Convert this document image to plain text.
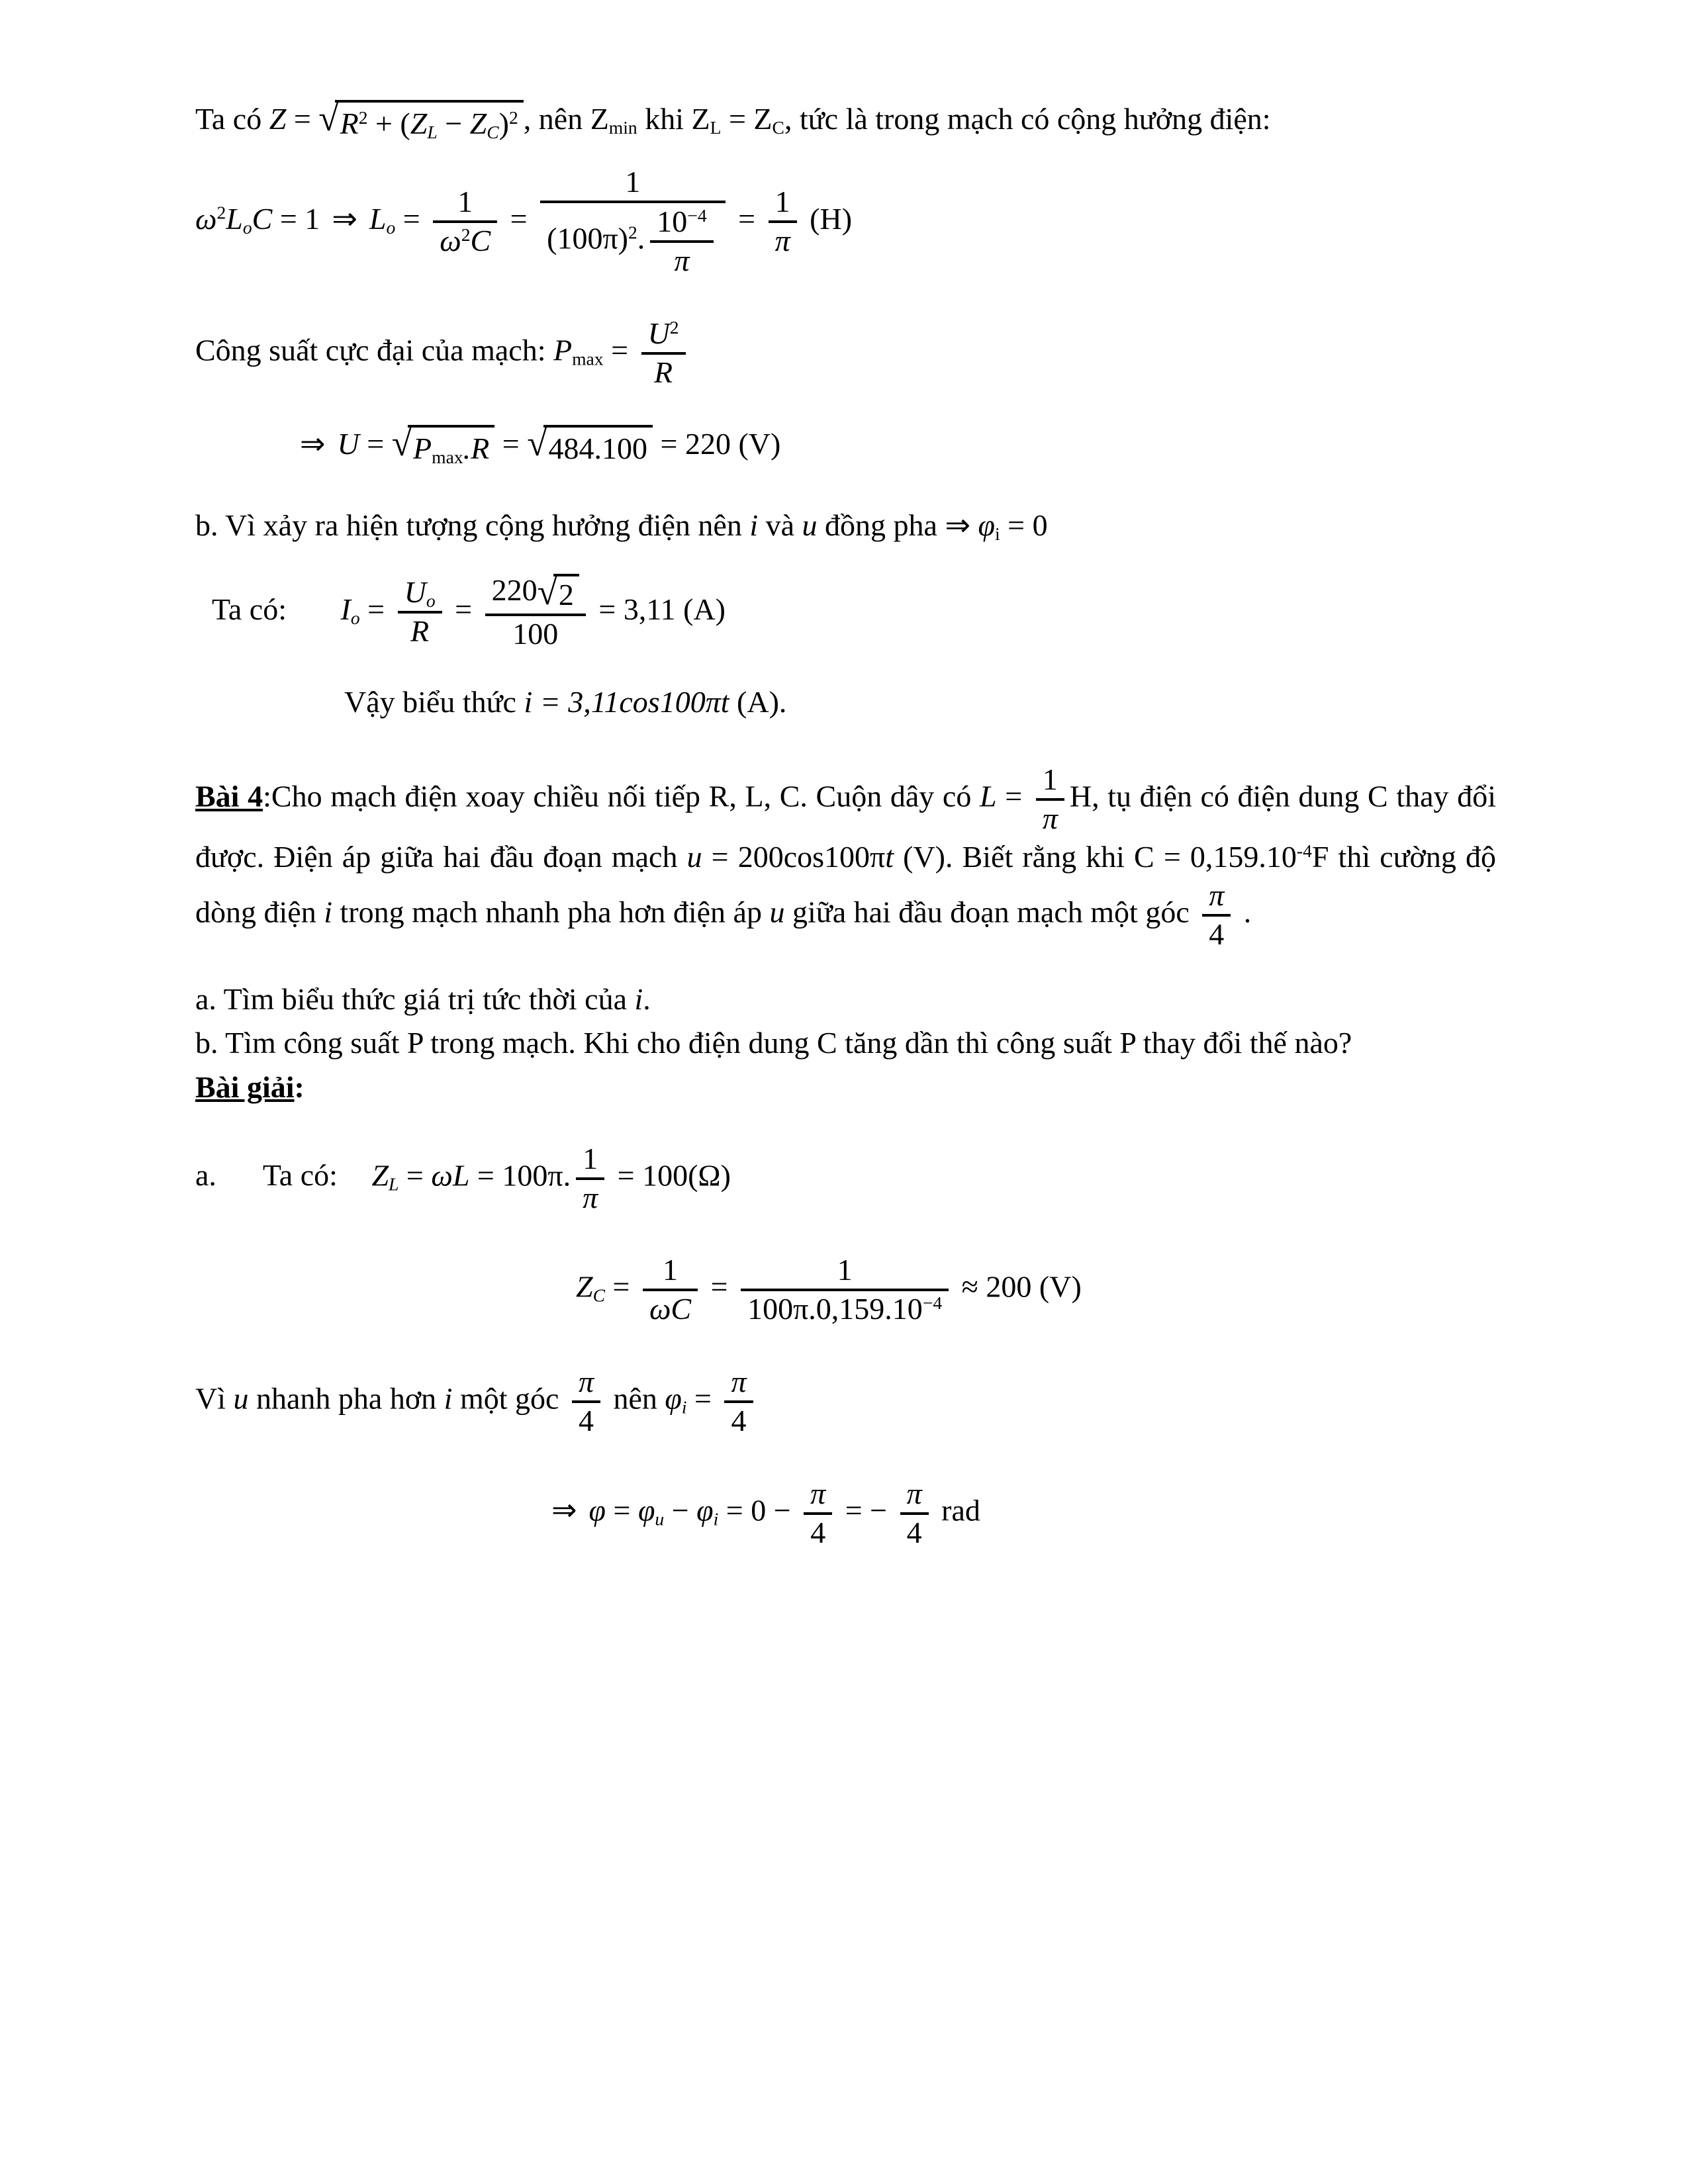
Ta có Z = √ $R^2 + (Z_L - Z_C)^2$ , nên $Z_{min}$ khi $Z_L = Z_C$, tức là trong mạch có cộng hưởng điện:
$\omega^2L_oC = 1$ ⇒ $L_o = \frac{1}{\omega^2C} = \frac{1}{(100\pi)^2. \frac{10^{-4}}{\pi}} = \frac{1}{\pi} (H)$
Công suất cực đại của mạch: $P_{max} = \frac{U^2}{R}$
⇒ U = √ $P_{max}.R$ = √ 484.100 = 220 (V)
b. Vì xảy ra hiện tượng cộng hưởng điện nên i và u đồng pha ⇒ $\varphi_i = 0$
Ta có: $I_o = \frac{U_o}{R} = \frac{220 √ 2}{100} = 3,11$ (A)
Vậy biểu thức i = 3,11cos100πt (A).
Bài 4:Cho mạch điện xoay chiều nối tiếp R, L, C. Cuộn dây có $L = \frac{1}{\pi} H$, tụ điện có điện dung C thay đổi được. Điện áp giữa hai đầu đoạn mạch u = 200cos100πt (V). Biết rằng khi $C = 0,159.10^{-4}F$ thì cường độ dòng điện i trong mạch nhanh pha hơn điện áp u giữa hai đầu đoạn mạch một góc $\frac{\pi}{4}$ .
a. Tìm biểu thức giá trị tức thời của i.
b. Tìm công suất P trong mạch. Khi cho điện dung C tăng dần thì công suất P thay đổi thế nào?
Bài giải:
a. Ta có: $Z_L = \omega L = 100\pi$. $\frac{1}{\pi} = 100(\Omega)$
$Z_C = \frac{1}{\omega C} = \frac{1}{100\pi.0,159.10^{-4}} \approx 200$ (V)
Vì u nhanh pha hơn i một góc $\frac{\pi}{4}$ nên $\varphi_i = \frac{\pi}{4}$
⇒ $\varphi = \varphi_u - \varphi_i = 0 - \frac{\pi}{4}$ = − $\frac{\pi}{4}$ rad
